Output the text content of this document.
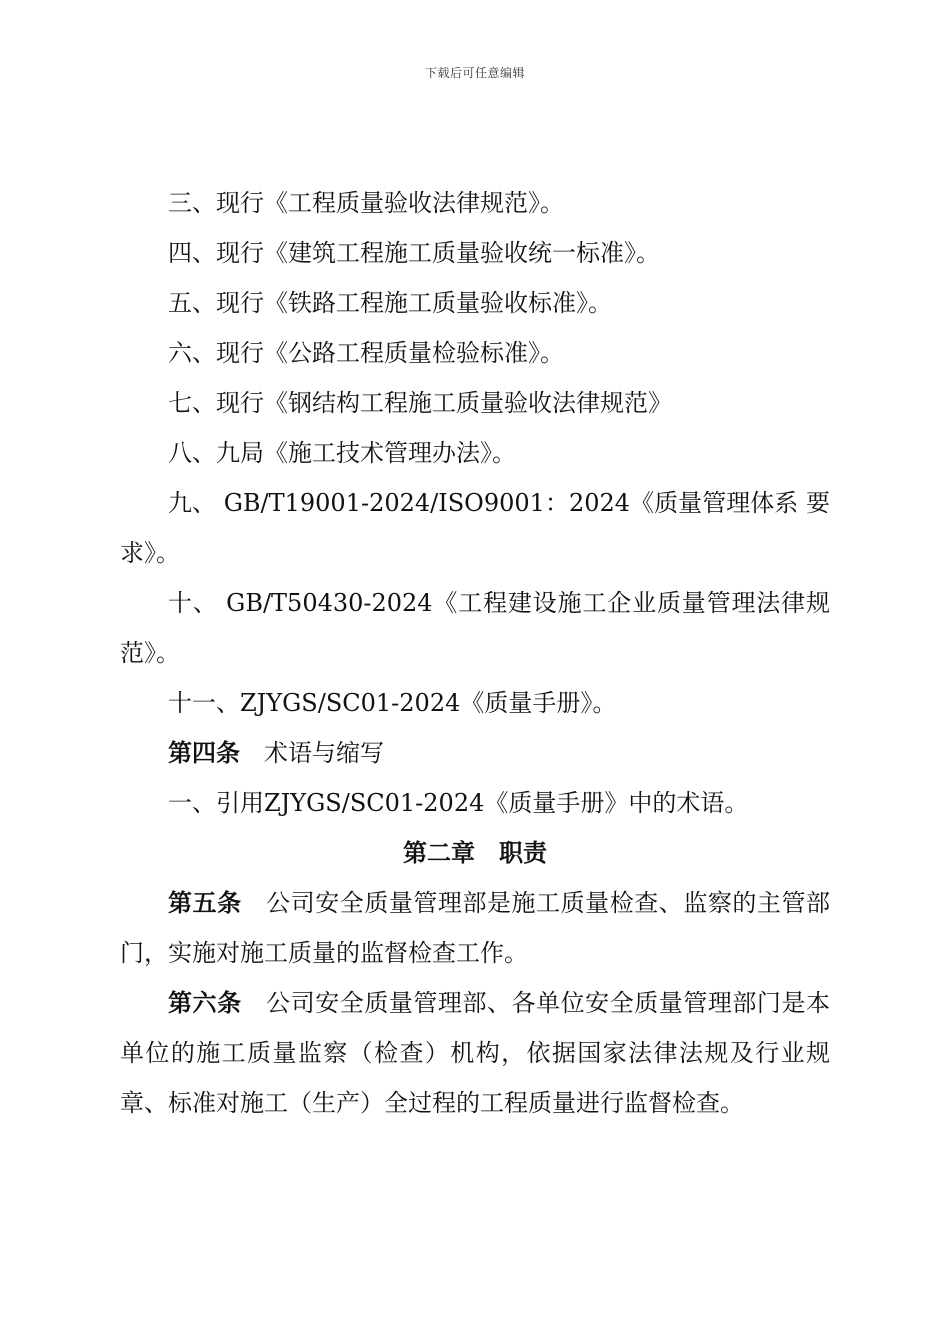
下载后可任意编辑

三、现行《工程质量验收法律规范》。

四、现行《建筑工程施工质量验收统一标准》。

五、现行《铁路工程施工质量验收标准》。

六、现行《公路工程质量检验标准》。

七、现行《钢结构工程施工质量验收法律规范》

八、九局《施工技术管理办法》。

九、 GB/T19001-2024/ISO9001：2024《质量管理体系 要求》。

十、 GB/T50430-2024《工程建设施工企业质量管理法律规范》。

十一、ZJYGS/SC01-2024《质量手册》。

第四条 术语与缩写

一、引用ZJYGS/SC01-2024《质量手册》中的术语。

第二章　职责

第五条 公司安全质量管理部是施工质量检查、监察的主管部门，实施对施工质量的监督检查工作。

第六条 公司安全质量管理部、各单位安全质量管理部门是本单位的施工质量监察（检查）机构，依据国家法律法规及行业规章、标准对施工（生产）全过程的工程质量进行监督检查。
